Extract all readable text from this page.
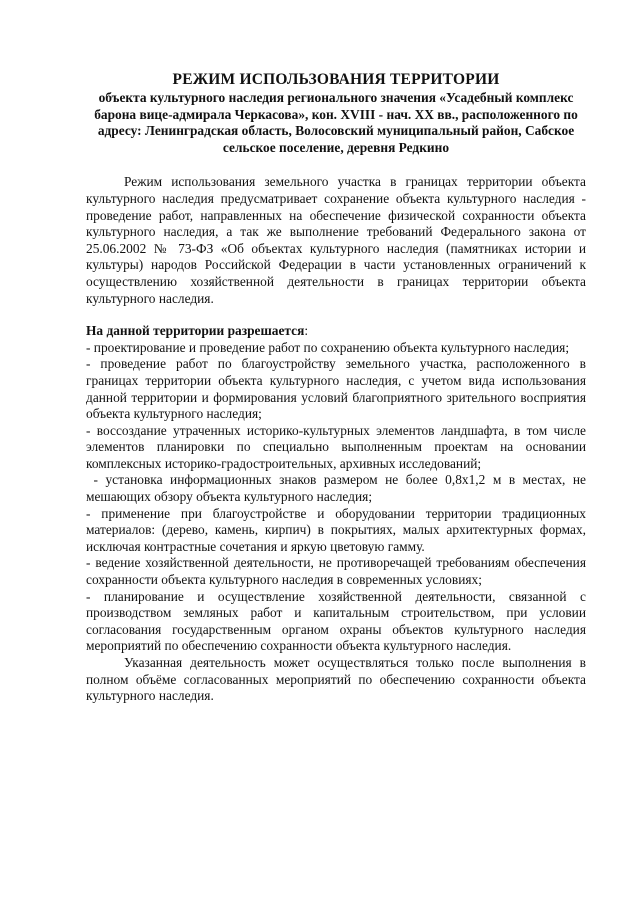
РЕЖИМ ИСПОЛЬЗОВАНИЯ ТЕРРИТОРИИ

объекта культурного наследия регионального значения «Усадебный комплекс барона вице-адмирала Черкасова», кон. XVIII - нач. XX вв., расположенного по адресу: Ленинградская область, Волосовский муниципальный район, Сабское сельское поселение, деревня Редкино

Режим использования земельного участка в границах территории объекта культурного наследия предусматривает сохранение объекта культурного наследия - проведение работ, направленных на обеспечение физической сохранности объекта культурного наследия, а так же выполнение требований Федерального закона от 25.06.2002 № 73-ФЗ «Об объектах культурного наследия (памятниках истории и культуры) народов Российской Федерации в части установленных ограничений к осуществлению хозяйственной деятельности в границах территории объекта культурного наследия.

На данной территории разрешается:

- проектирование и проведение работ по сохранению объекта культурного наследия;

- проведение работ по благоустройству земельного участка, расположенного в границах территории объекта культурного наследия, с учетом вида использования данной территории и формирования условий благоприятного зрительного восприятия объекта культурного наследия;

- воссоздание утраченных историко-культурных элементов ландшафта, в том числе элементов планировки по специально выполненным проектам на основании комплексных историко-градостроительных, архивных исследований;

- установка информационных знаков размером не более 0,8х1,2 м в местах, не мешающих обзору объекта культурного наследия;

- применение при благоустройстве и оборудовании территории традиционных материалов: (дерево, камень, кирпич) в покрытиях, малых архитектурных формах, исключая контрастные сочетания и яркую цветовую гамму.

- ведение хозяйственной деятельности, не противоречащей требованиям обеспечения сохранности объекта культурного наследия в современных условиях;

- планирование и осуществление хозяйственной деятельности, связанной с производством земляных работ и капитальным строительством, при условии согласования государственным органом охраны объектов культурного наследия мероприятий по обеспечению сохранности объекта культурного наследия.

Указанная деятельность может осуществляться только после выполнения в полном объёме согласованных мероприятий по обеспечению сохранности объекта культурного наследия.
